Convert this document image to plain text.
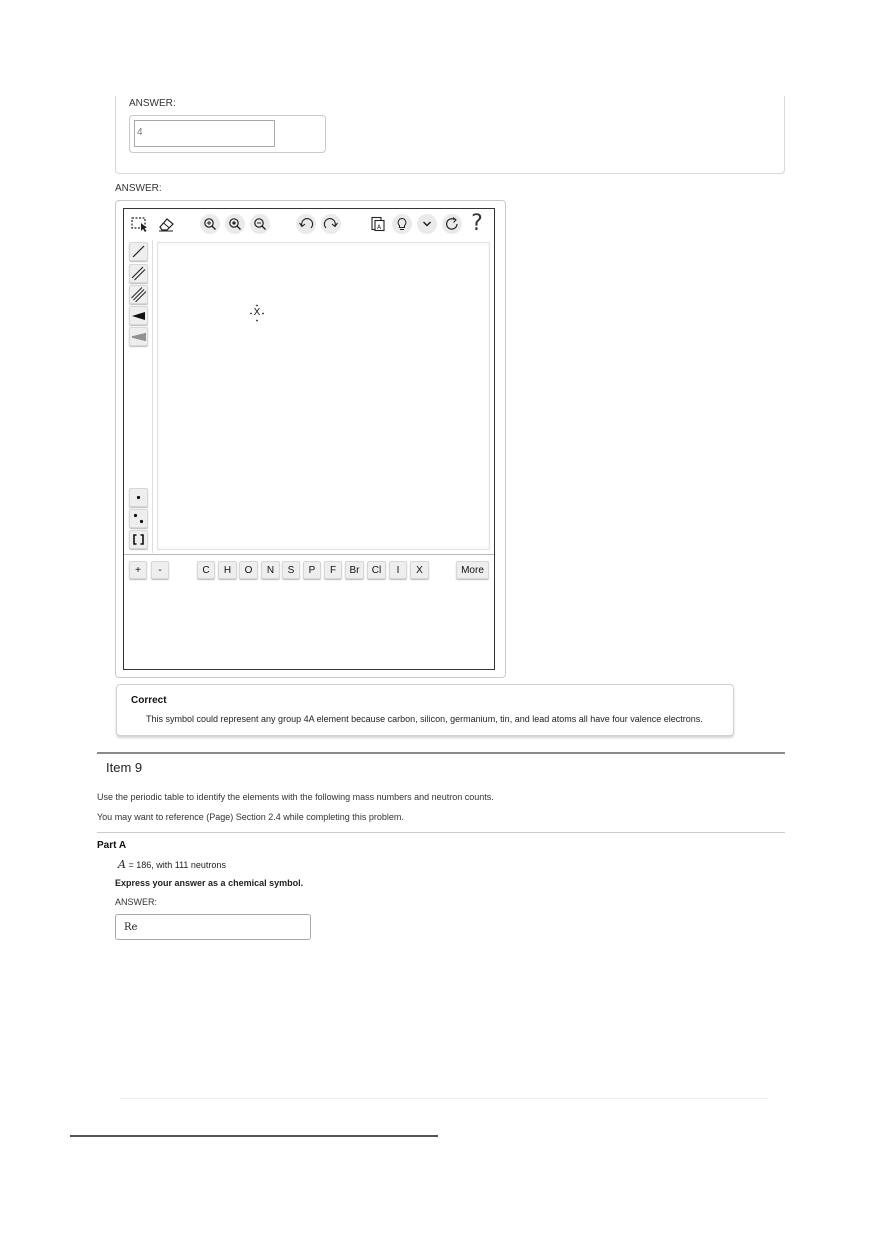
ANSWER:
4
ANSWER:
A	?
X
+	-	C	H	O	N	S	P	F	Br	Cl	I	X	More
Correct
This symbol could represent any group 4A element because carbon, silicon, germanium, tin, and lead atoms all have four valence electrons.
Item 9
Use the periodic table to identify the elements with the following mass numbers and neutron counts.
You may want to reference (Page) Section 2.4 while completing this problem.
Part A
A = 186, with 111 neutrons
Express your answer as a chemical symbol.
ANSWER:
Re
